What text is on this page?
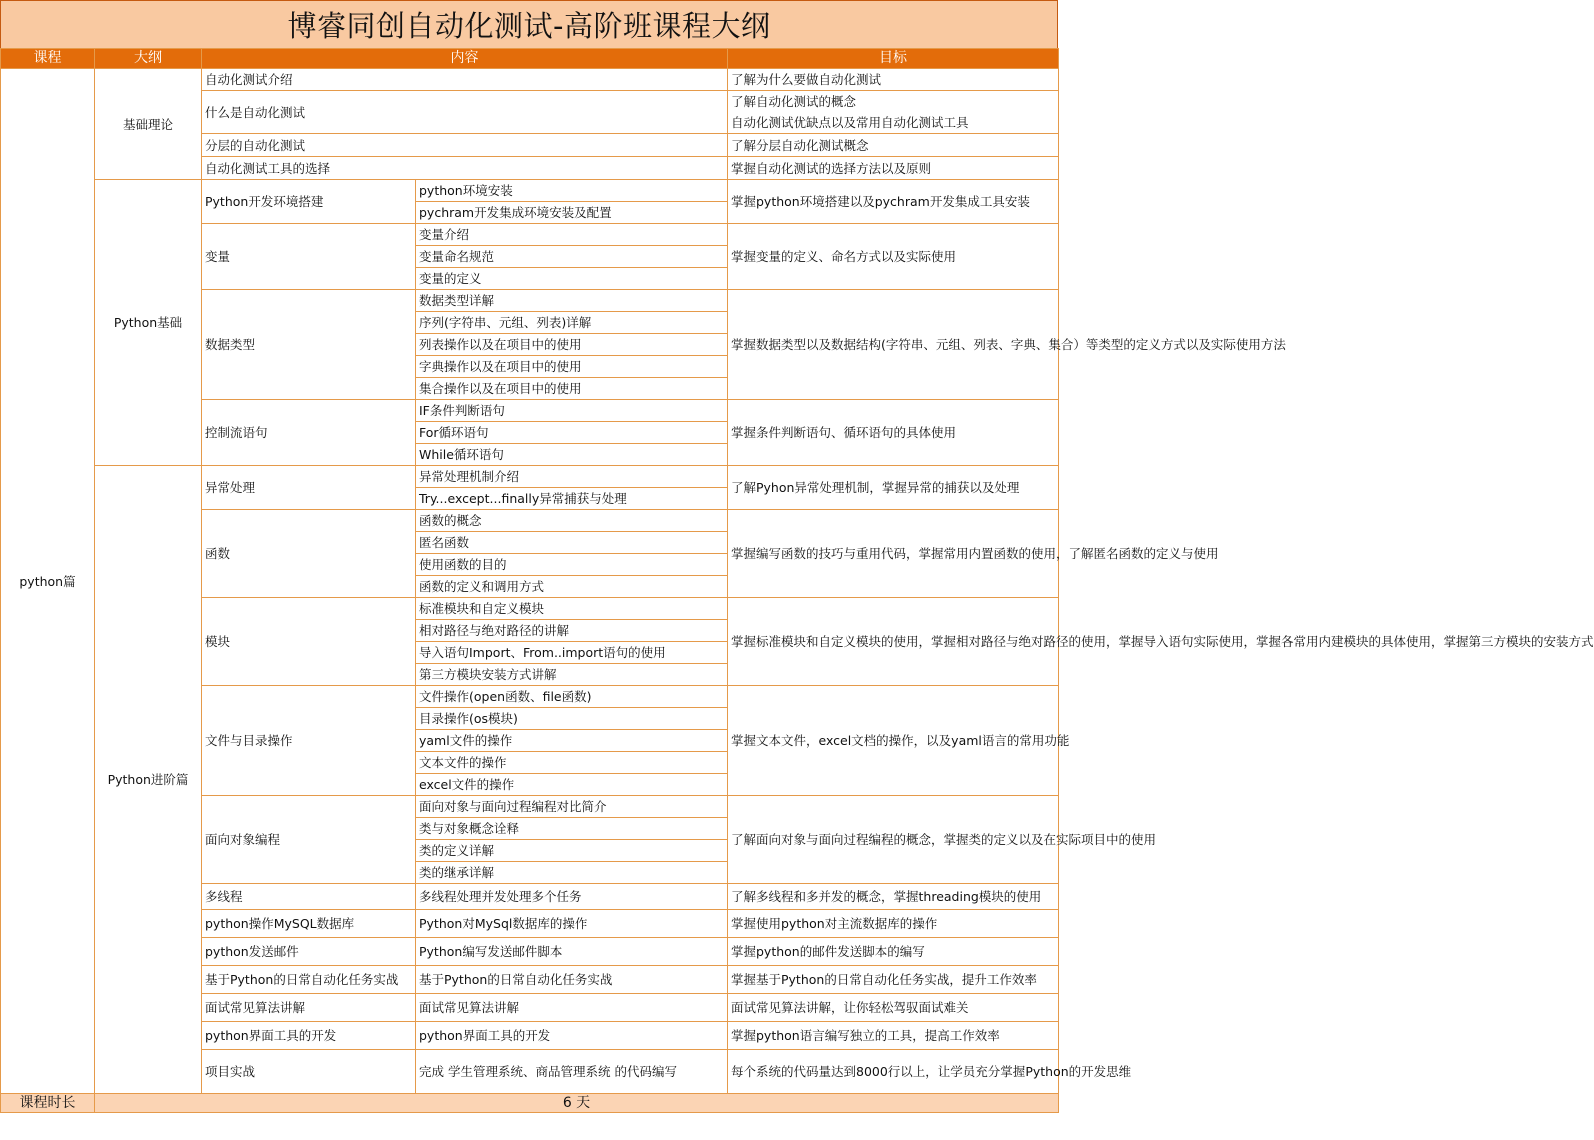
博睿同创自动化测试-高阶班课程大纲
课程	大纲	内容		目标
python篇	基础理论	自动化测试介绍		了解为什么要做自动化测试
		什么是自动化测试		了解自动化测试的概念
自动化测试优缺点以及常用自动化测试工具

		分层的自动化测试		了解分层自动化测试概念
		自动化测试工具的选择		掌握自动化测试的选择方法以及原则
	Python基础	Python开发环境搭建	python环境安装	掌握python环境搭建以及pychram开发集成工具安装
			pychram开发集成环境安装及配置	
		变量	变量介绍	掌握变量的定义、命名方式以及实际使用
			变量命名规范	
			变量的定义	
		数据类型	数据类型详解	掌握数据类型以及数据结构(字符串、元组、列表、字典、集合）等类型的定义方式以及实际使用方法
			序列(字符串、元组、列表)详解	
			列表操作以及在项目中的使用	
			字典操作以及在项目中的使用	
			集合操作以及在项目中的使用	
		控制流语句	IF条件判断语句	掌握条件判断语句、循环语句的具体使用
			For循环语句	
			While循环语句	
	Python进阶篇	异常处理	异常处理机制介绍	了解Pyhon异常处理机制，掌握异常的捕获以及处理
			Try...except...finally异常捕获与处理	
		函数	函数的概念	掌握编写函数的技巧与重用代码，掌握常用内置函数的使用，了解匿名函数的定义与使用
			匿名函数	
			使用函数的目的	
			函数的定义和调用方式	
		模块	标准模块和自定义模块	掌握标准模块和自定义模块的使用，掌握相对路径与绝对路径的使用，掌握导入语句实际使用，掌握各常用内建模块的具体使用，掌握第三方模块的安装方式
			相对路径与绝对路径的讲解	
			导入语句Import、From..import语句的使用	
			第三方模块安装方式讲解	
		文件与目录操作	文件操作(open函数、file函数)	掌握文本文件，excel文档的操作，以及yaml语言的常用功能
			目录操作(os模块)	
			yaml文件的操作	
			文本文件的操作	
			excel文件的操作	
		面向对象编程	面向对象与面向过程编程对比简介	了解面向对象与面向过程编程的概念，掌握类的定义以及在实际项目中的使用
			类与对象概念诠释	
			类的定义详解	
			类的继承详解	
		多线程	多线程处理并发处理多个任务	了解多线程和多并发的概念，掌握threading模块的使用
		python操作MySQL数据库	Python对MySql数据库的操作	掌握使用python对主流数据库的操作
		python发送邮件	Python编写发送邮件脚本	掌握python的邮件发送脚本的编写
		基于Python的日常自动化任务实战	基于Python的日常自动化任务实战	掌握基于Python的日常自动化任务实战，提升工作效率
		面试常见算法讲解	面试常见算法讲解	面试常见算法讲解，让你轻松驾驭面试难关
		python界面工具的开发	python界面工具的开发	掌握python语言编写独立的工具，提高工作效率
		项目实战	完成 学生管理系统、商品管理系统 的代码编写	每个系统的代码量达到8000行以上，让学员充分掌握Python的开发思维
课程时长	6 天			
